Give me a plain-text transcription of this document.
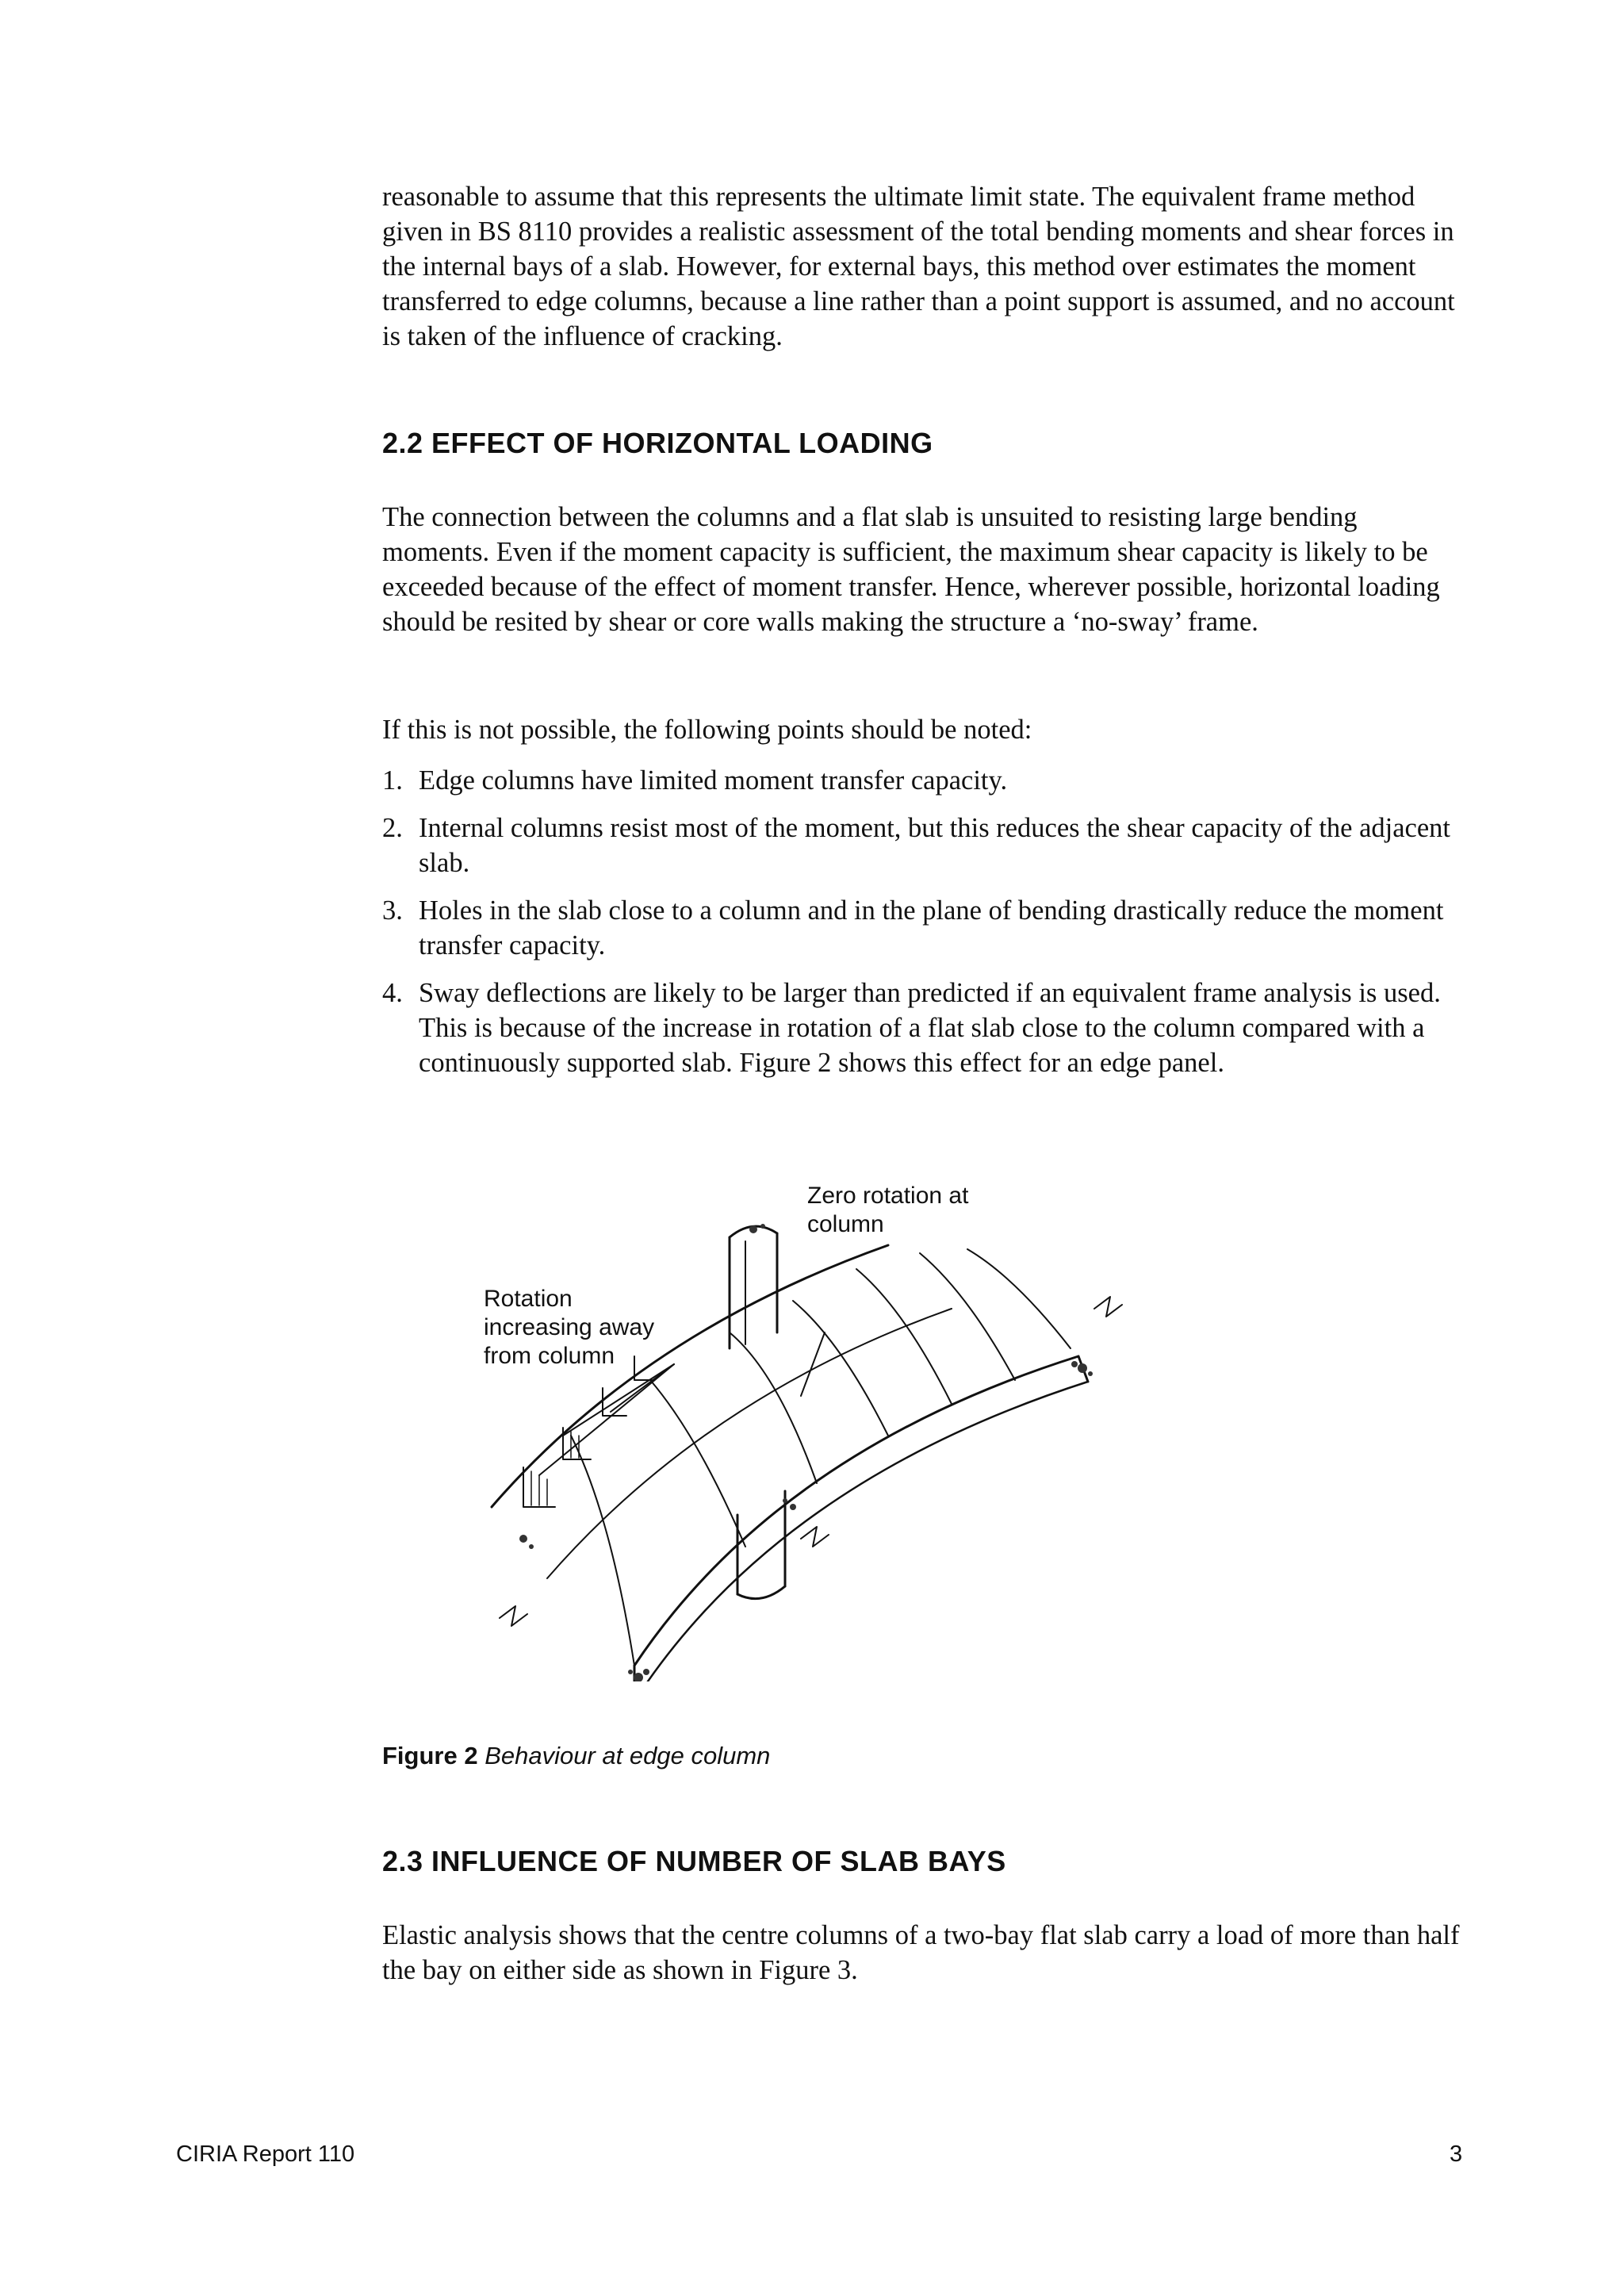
reasonable to assume that this represents the ultimate limit state. The equivalent frame method given in BS 8110 provides a realistic assessment of the total bending moments and shear forces in the internal bays of a slab. However, for external bays, this method over estimates the moment transferred to edge columns, because a line rather than a point support is assumed, and no account is taken of the influence of cracking.

2.2 EFFECT OF HORIZONTAL LOADING

The connection between the columns and a flat slab is unsuited to resisting large bending moments. Even if the moment capacity is sufficient, the maximum shear capacity is likely to be exceeded because of the effect of moment transfer. Hence, wherever possible, horizontal loading should be resited by shear or core walls making the structure a ‘no-sway’ frame.

If this is not possible, the following points should be noted:

1. Edge columns have limited moment transfer capacity.
2. Internal columns resist most of the moment, but this reduces the shear capacity of the adjacent slab.
3. Holes in the slab close to a column and in the plane of bending drastically reduce the moment transfer capacity.
4. Sway deflections are likely to be larger than predicted if an equivalent frame analysis is used. This is because of the increase in rotation of a flat slab close to the column compared with a continuously supported slab. Figure 2 shows this effect for an edge panel.
Zero rotation at
column
Rotation
increasing away
from column
Figure 2 Behaviour at edge column
2.3 INFLUENCE OF NUMBER OF SLAB BAYS

Elastic analysis shows that the centre columns of a two-bay flat slab carry a load of more than half the bay on either side as shown in Figure 3.

CIRIA Report 110	3
